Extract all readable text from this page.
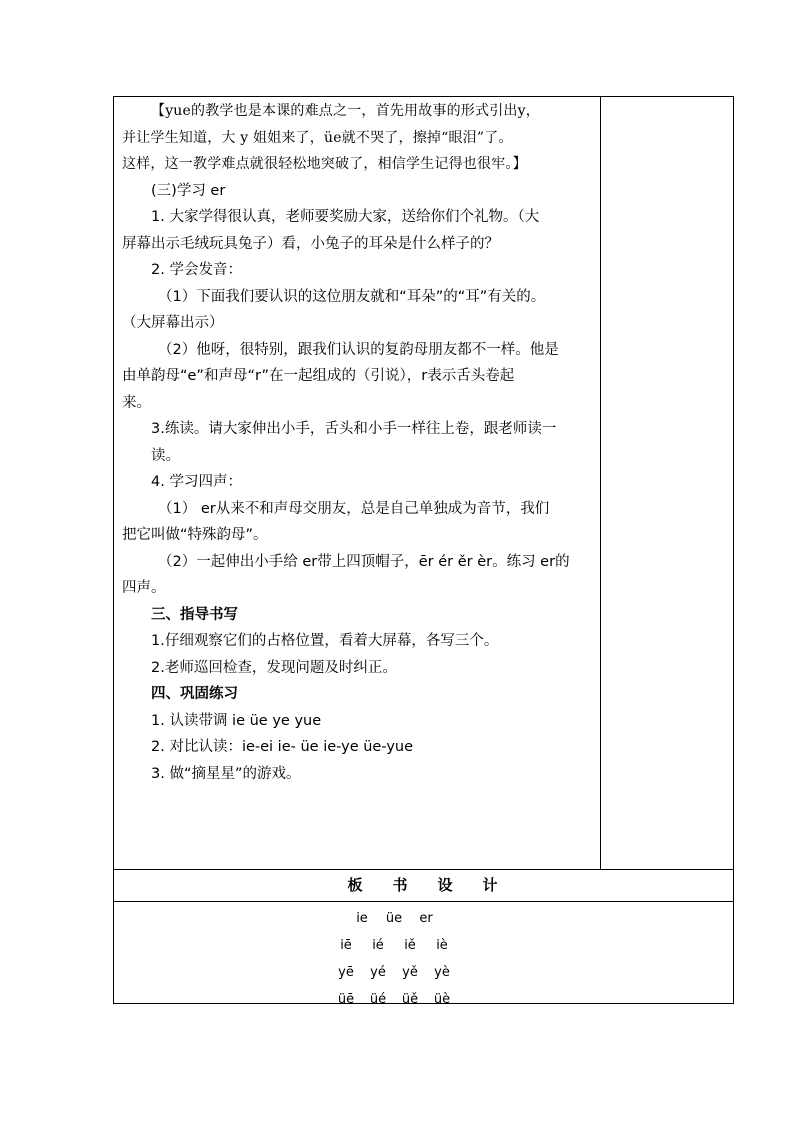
【yue的教学也是本课的难点之一，首先用故事的形式引出y，

并让学生知道，大 y 姐姐来了，üe就不哭了，擦掉“眼泪”了。

这样，这一教学难点就很轻松地突破了，相信学生记得也很牢。】

(三)学习 er

1. 大家学得很认真，老师要奖励大家，送给你们个礼物。（大

屏幕出示毛绒玩具兔子）看，小兔子的耳朵是什么样子的？

2. 学会发音：

（1）下面我们要认识的这位朋友就和“耳朵”的“耳”有关的。

（大屏幕出示）

（2）他呀，很特别，跟我们认识的复韵母朋友都不一样。他是

由单韵母“e”和声母“r”在一起组成的（引说），r表示舌头卷起

来。

3.练读。请大家伸出小手，舌头和小手一样往上卷，跟老师读一

读。

4. 学习四声：

（1） er从来不和声母交朋友，总是自己单独成为音节，我们

把它叫做“特殊韵母”。

（2）一起伸出小手给 er带上四顶帽子，ēr ér ěr èr。练习 er的

四声。

三、指导书写

1.仔细观察它们的占格位置，看着大屏幕，各写三个。

2.老师巡回检查，发现问题及时纠正。

四、巩固练习

1. 认读带调 ie üe ye yue

2. 对比认读：ie-ei ie- üe ie-ye üe-yue

3. 做“摘星星”的游戏。

板 书 设 计
ie üe er
iē ié iě iè
yē yé yě yè
üē üé üě üè
